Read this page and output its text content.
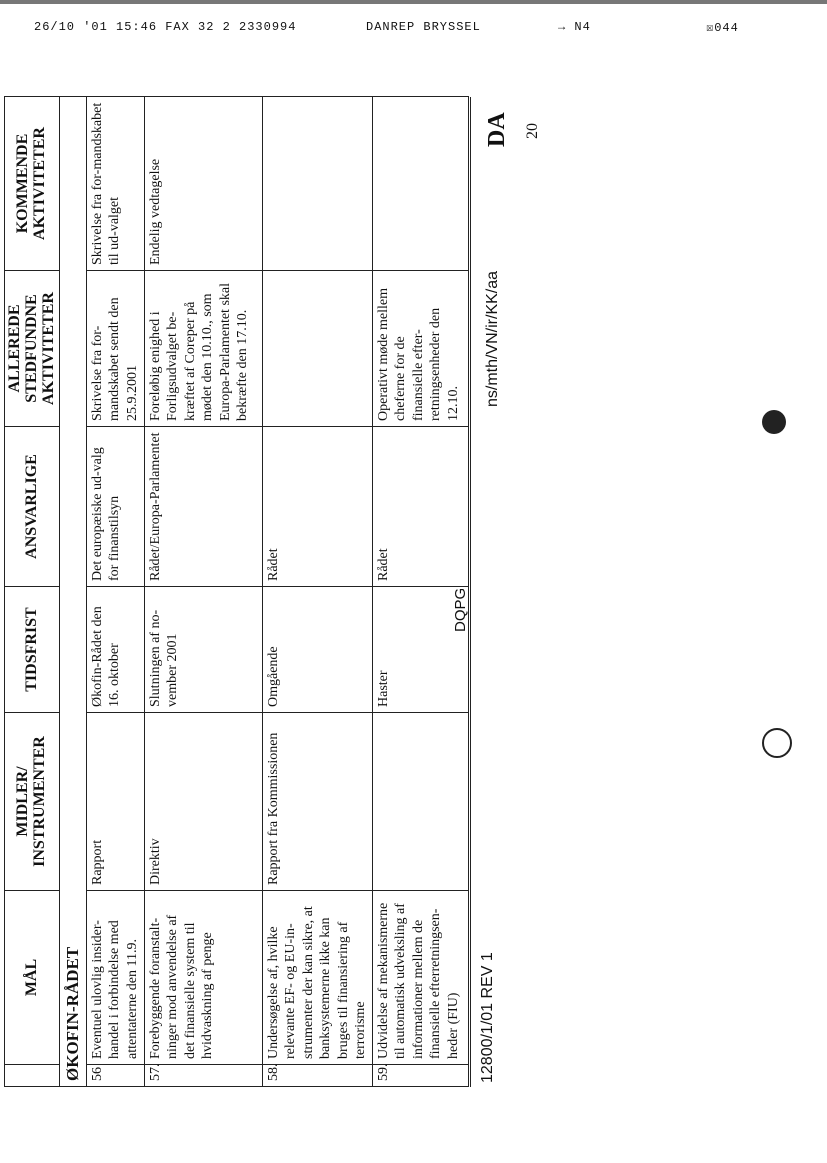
26/10 '01 15:46 FAX 32 2 2330994	DANREP BRYSSEL	→ N4	☒044
	MÅL	MIDLER/ INSTRUMENTER	TIDSFRIST	ANSVARLIGE	ALLEREDE STEDFUNDNE AKTIVITETER	KOMMENDE AKTIVITETER
ØKOFIN-RÅDET						
56	Eventuel ulovlig insider-handel i forbindelse med attentaterne den 11.9.	Rapport	Økofin-Rådet den 16. oktober	Det europæiske ud-valg for finanstilsyn	Skrivelse fra for-mandskabet sendt den 25.9.2001	Skrivelse fra for-mandskabet til ud-valget
57.	Forebyggende foranstalt-ninger mod anvendelse af det finansielle system til hvidvaskning af penge	Direktiv	Slutningen af no-vember 2001	Rådet/Europa-Parlamentet	Foreløbig enighed i Forligsudvalget be-kræftet af Coreper på mødet den 10.10., som Europa-Parlamentet skal bekræfte den 17.10.	Endelig vedtagelse
58.	Undersøgelse af, hvilke relevante EF- og EU-in-strumenter der kan sikre, at banksystemerne ikke kan bruges til finansiering af terrorisme	Rapport fra Kommissionen	Omgående	Rådet		
59.	Udvidelse af mekanismerne til automatisk udveksling af informationer mellem de finansielle efterretningsen-heder (FIU)		Haster	Rådet	Operativt møde mellem cheferne for de finansielle efter-retningsenheder den 12.10.	
12800/1/01 REV 1
DQPG
ns/mth/VN/ir/KK/aa
DA 20
